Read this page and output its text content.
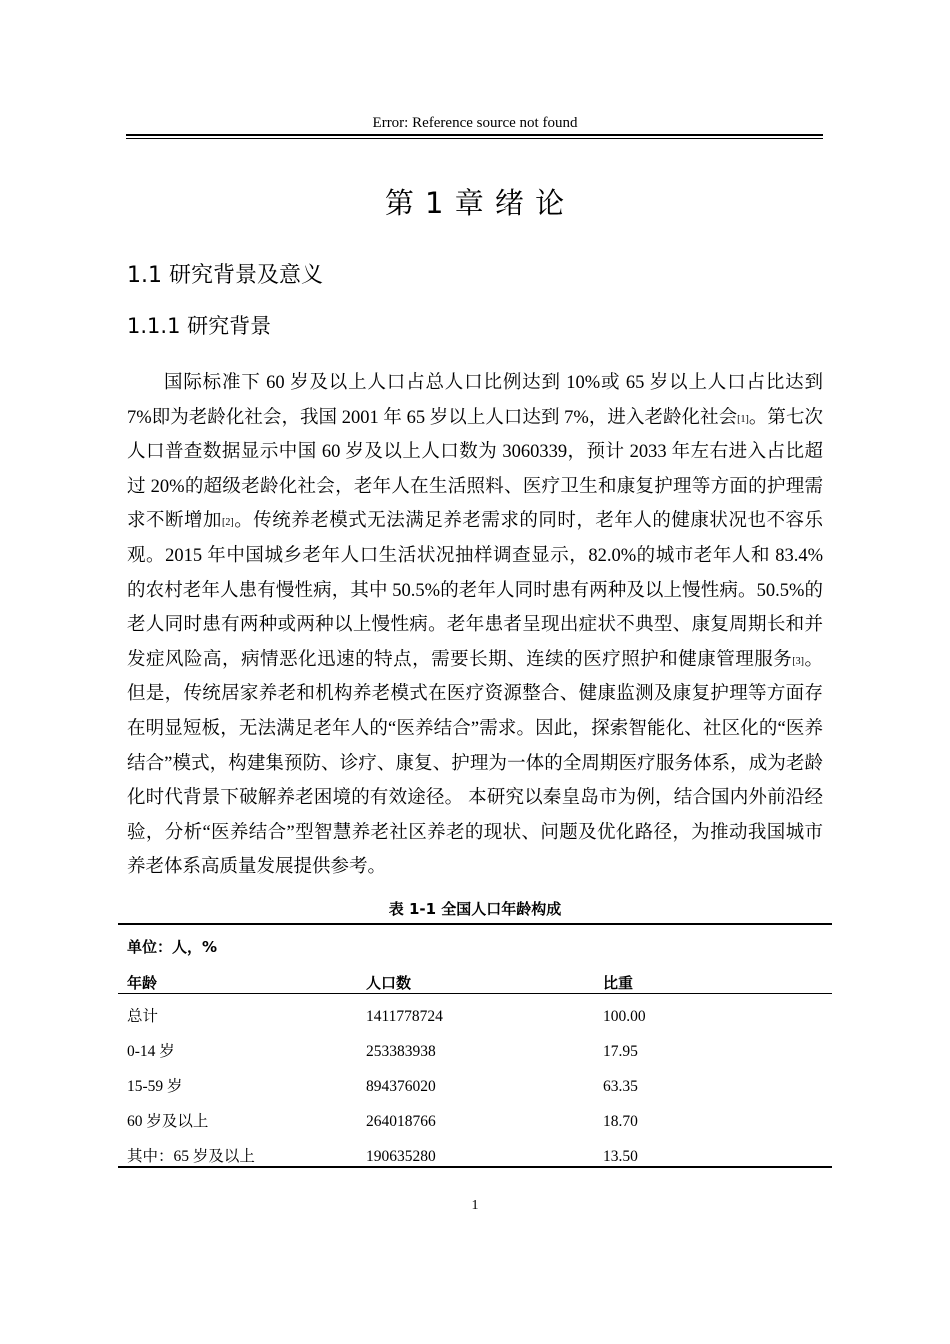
Error: Reference source not found
第 1 章 绪 论
1.1 研究背景及意义
1.1.1 研究背景

国际标准下 60 岁及以上人口占总人口比例达到 10%或 65 岁以上人口占比达到 7%即为老龄化社会，我国 2001 年 65 岁以上人口达到 7%，进入老龄化社会[1]。第七次人口普查数据显示中国 60 岁及以上人口数为 3060339，预计 2033 年左右进入占比超过 20%的超级老龄化社会，老年人在生活照料、医疗卫生和康复护理等方面的护理需求不断增加[2]。传统养老模式无法满足养老需求的同时，老年人的健康状况也不容乐观。2015 年中国城乡老年人口生活状况抽样调查显示，82.0%的城市老年人和 83.4%的农村老年人患有慢性病，其中 50.5%的老年人同时患有两种及以上慢性病。50.5%的老人同时患有两种或两种以上慢性病。老年患者呈现出症状不典型、康复周期长和并发症风险高，病情恶化迅速的特点，需要长期、连续的医疗照护和健康管理服务[3]。但是，传统居家养老和机构养老模式在医疗资源整合、健康监测及康复护理等方面存在明显短板，无法满足老年人的“医养结合”需求。因此，探索智能化、社区化的“医养结合”模式，构建集预防、诊疗、康复、护理为一体的全周期医疗服务体系，成为老龄化时代背景下破解养老困境的有效途径。 本研究以秦皇岛市为例，结合国内外前沿经验，分析“医养结合”型智慧养老社区养老的现状、问题及优化路径，为推动我国城市养老体系高质量发展提供参考。

表 1-1 全国人口年龄构成
单位：人，%
年龄	人口数	比重
总计	1411778724	100.00
0-14 岁	253383938	17.95
15-59 岁	894376020	63.35
60 岁及以上	264018766	18.70
其中：65 岁及以上	190635280	13.50
1
